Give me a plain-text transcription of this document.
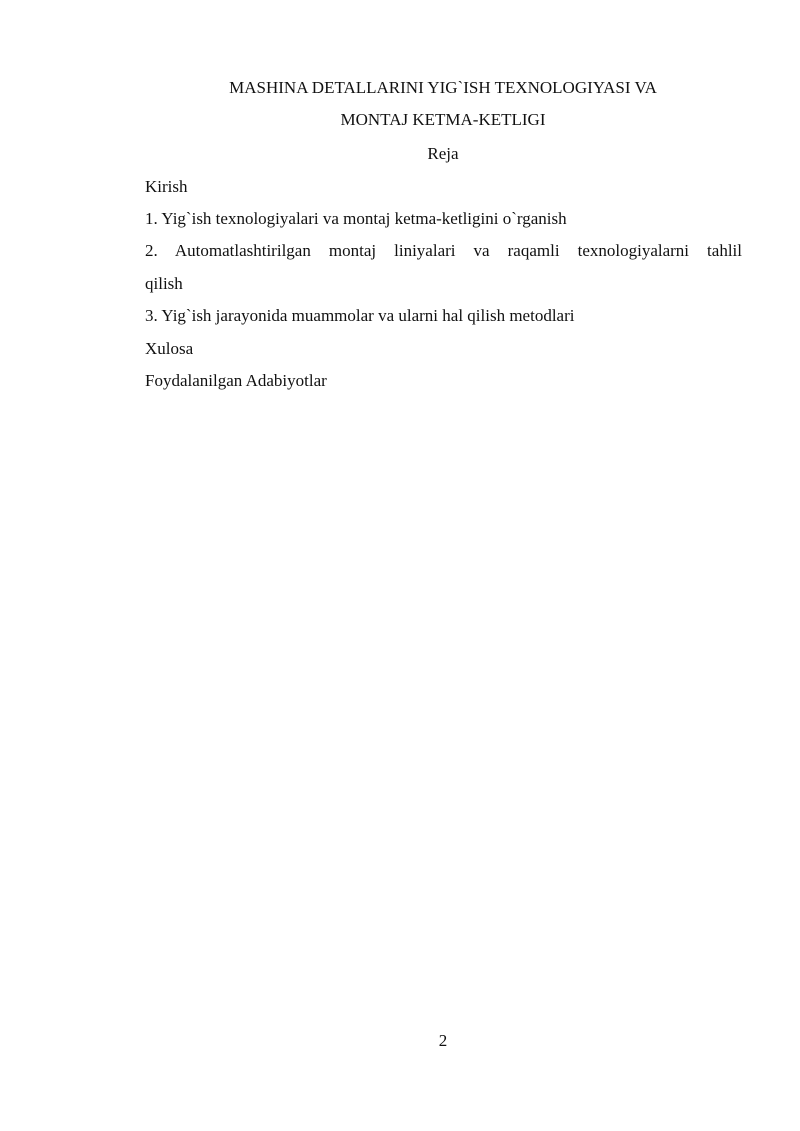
MASHINA DETALLARINI YIG`ISH TEXNOLOGIYASI VA
MONTAJ KETMA-KETLIGI
Reja
Kirish
1. Yig`ish texnologiyalari va montaj ketma-ketligini o`rganish
2. Automatlashtirilgan montaj liniyalari va raqamli texnologiyalarni tahlil
qilish
3. Yig`ish jarayonida muammolar va ularni hal qilish metodlari
Xulosa
Foydalanilgan Adabiyotlar
2
